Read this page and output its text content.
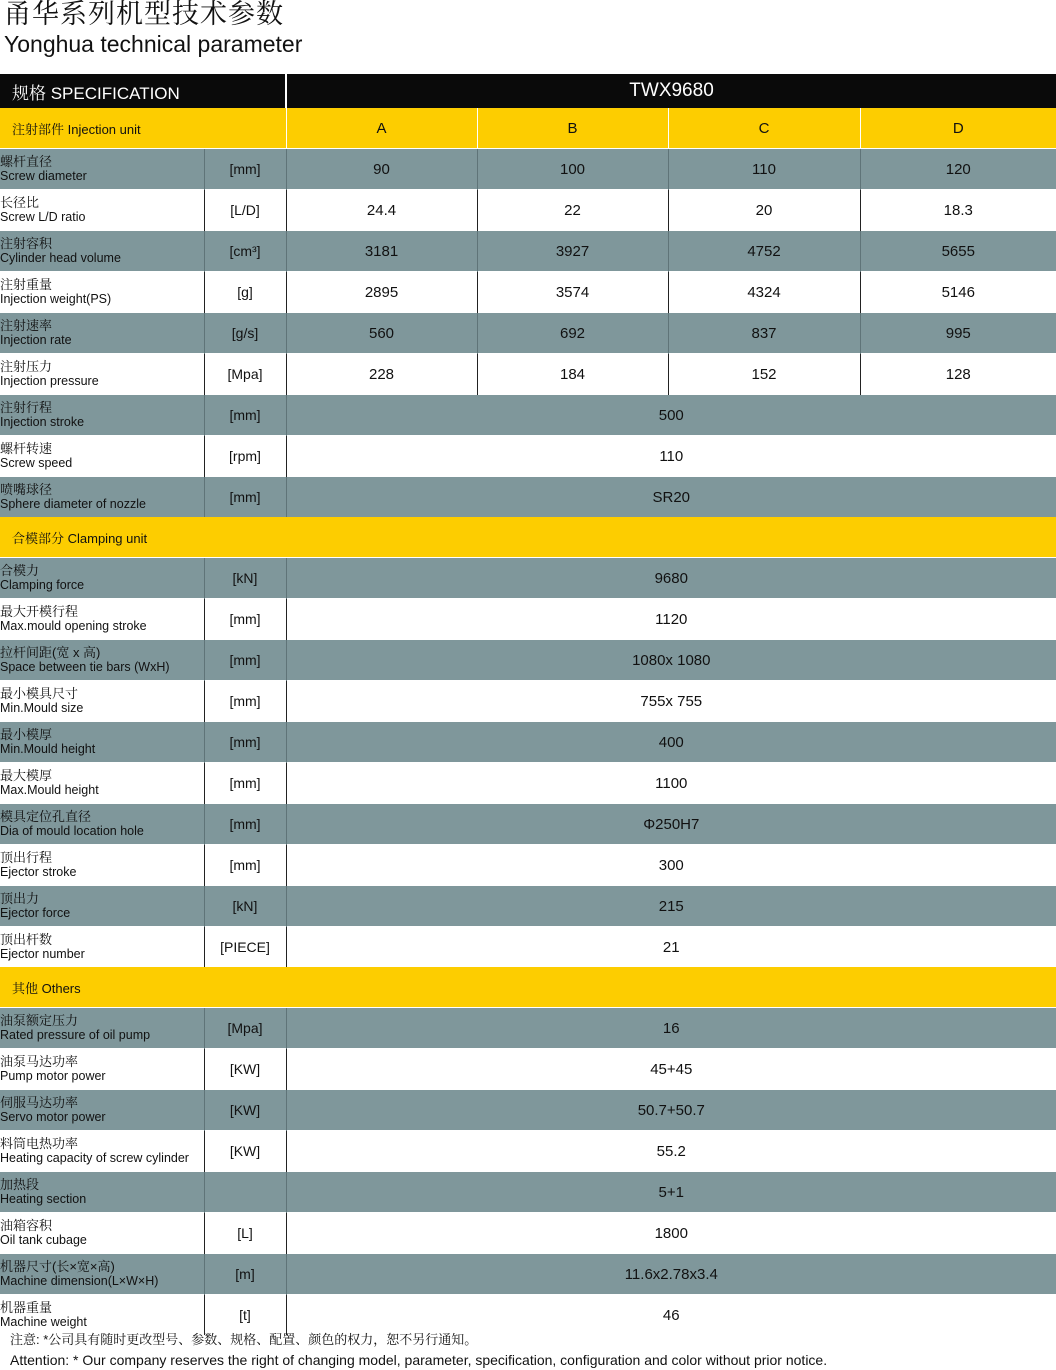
甬华系列机型技术参数
Yonghua technical parameter
规格 SPECIFICATION		TWX9680			
注射部件 Injection unit		A	B	C	D

螺杆直径
Screw diameter	[mm]	90	100	110	120

长径比
Screw L/D ratio	[L/D]	24.4	22	20	18.3

注射容积
Cylinder head volume	[cm³]	3181	3927	4752	5655

注射重量
Injection weight(PS)	[g]	2895	3574	4324	5146

注射速率
Injection rate	[g/s]	560	692	837	995

注射压力
Injection pressure	[Mpa]	228	184	152	128

注射行程
Injection stroke	[mm]	500			

螺杆转速
Screw speed	[rpm]	110			

喷嘴球径
Sphere diameter of nozzle	[mm]	SR20			
合模部分 Clamping unit					

合模力
Clamping force	[kN]	9680			

最大开模行程
Max.mould opening stroke	[mm]	1120			

拉杆间距(宽 x 高)
Space between tie bars (WxH)	[mm]	1080x 1080			

最小模具尺寸
Min.Mould size	[mm]	755x 755			

最小模厚
Min.Mould height	[mm]	400			

最大模厚
Max.Mould height	[mm]	1100			

模具定位孔直径
Dia of mould location hole	[mm]	Φ250H7			

顶出行程
Ejector stroke	[mm]	300			

顶出力
Ejector force	[kN]	215			

顶出杆数
Ejector number	[PIECE]	21			
其他 Others					

油泵额定压力
Rated pressure of oil pump	[Mpa]	16			

油泵马达功率
Pump motor power	[KW]	45+45			

伺服马达功率
Servo motor power	[KW]	50.7+50.7			

料筒电热功率
Heating capacity of screw cylinder	[KW]	55.2			

加热段
Heating section		5+1			

油箱容积
Oil tank cubage	[L]	1800			

机器尺寸(长×宽×高)
Machine dimension(L×W×H)	[m]	11.6x2.78x3.4			

机器重量
Machine weight	[t]	46			
注意: *公司具有随时更改型号、参数、规格、配置、颜色的权力，恕不另行通知。
Attention: * Our company reserves the right of changing model, parameter, specification, configuration and color without prior notice.
